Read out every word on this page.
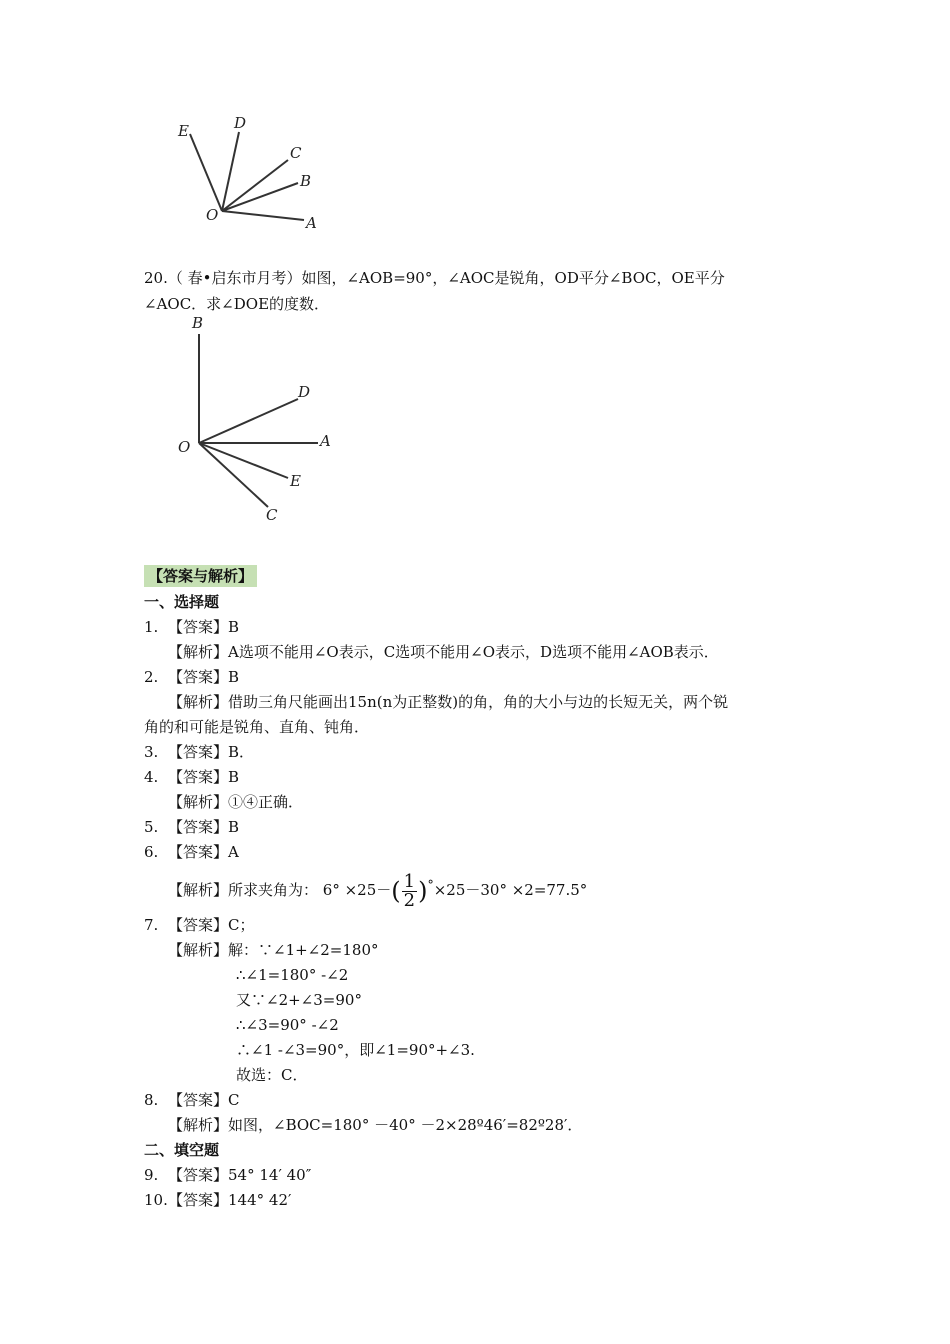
E	D
C
B
O	A
20.（ 春•启东市月考）如图，∠AOB=90°，∠AOC是锐角，OD平分∠BOC，OE平分
∠AOC．求∠DOE的度数．
B
D
O	A
E
C
【答案与解析】
一、选择题
1. 【答案】B
【解析】A选项不能用∠O表示，C选项不能用∠O表示，D选项不能用∠AOB表示．
2. 【答案】B
【解析】借助三角尺能画出15n(n为正整数)的角，角的大小与边的长短无关，两个锐
角的和可能是锐角、直角、钝角．
3. 【答案】B．
4. 【答案】B
【解析】①④正确．
5. 【答案】B
6. 【答案】A
【解析】所求夹角为： $6^\circ \times 25-( \frac{1}{2} )^\circ\times 25-30^\circ \times 2=77.5^\circ$
7. 【答案】C；
【解析】解：∵∠1+∠2=180°
∴∠1=180° -∠2
又∵∠2+∠3=90°
∴∠3=90° -∠2
∴∠1 -∠3=90°，即∠1=90°+∠3.
故选：C．
8. 【答案】C
【解析】如图，∠BOC=180° －40° －2×28º46′=82º28′．
二、填空题
9. 【答案】54° 14′ 40″
10.【答案】144° 42′
